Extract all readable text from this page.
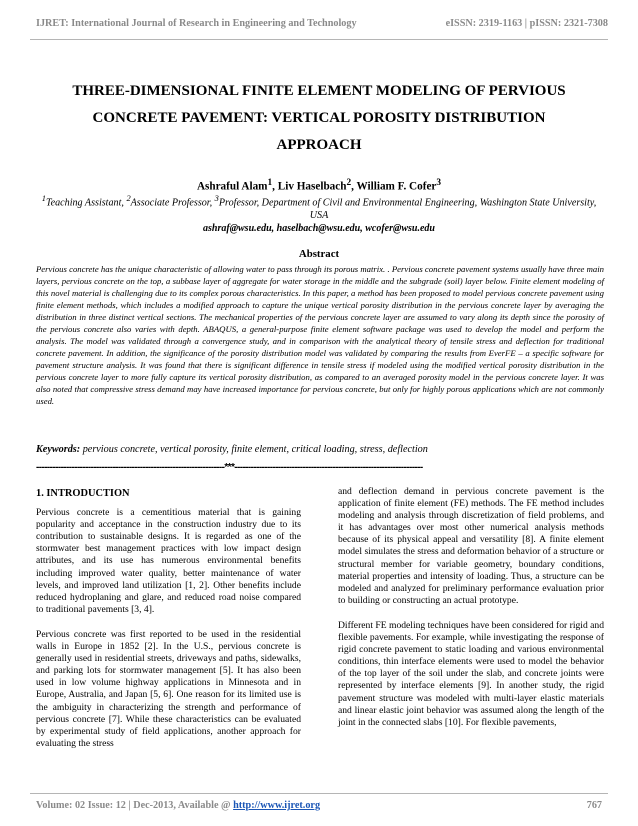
IJRET: International Journal of Research in Engineering and Technology	eISSN: 2319-1163 | pISSN: 2321-7308
THREE-DIMENSIONAL FINITE ELEMENT MODELING OF PERVIOUS
CONCRETE PAVEMENT: VERTICAL POROSITY DISTRIBUTION
APPROACH
Ashraful Alam$^1$, Liv Haselbach$^2$, William F. Cofer$^3$
$^1$Teaching Assistant, $^2$Associate Professor, $^3$Professor, Department of Civil and Environmental Engineering, Washington State University, USA
ashraf@wsu.edu, haselbach@wsu.edu, wcofer@wsu.edu
Abstract
Pervious concrete has the unique characteristic of allowing water to pass through its porous matrix. . Pervious concrete pavement systems usually have three main layers, pervious concrete on the top, a subbase layer of aggregate for water storage in the middle and the subgrade (soil) layer below. Finite element modeling of this novel material is challenging due to its complex porous characteristics. In this paper, a method has been proposed to model pervious concrete pavement using finite element methods, which includes a modified approach to capture the unique vertical porosity distribution in the pervious concrete layer by averaging the distribution in three distinct vertical sections. The mechanical properties of the pervious concrete layer are assumed to vary along its depth since the porosity of the pervious concrete also varies with depth. ABAQUS, a general-purpose finite element software package was used to develop the model and perform the analysis. The model was validated through a convergence study, and in comparison with the analytical theory of tensile stress and deflection for traditional concrete pavement. In addition, the significance of the porosity distribution model was validated by comparing the results from EverFE – a specific software for pavement structure analysis. It was found that there is significant difference in tensile stress if modeled using the modified vertical porosity distribution in the pervious concrete layer to more fully capture its vertical porosity distribution, as compared to an averaged porosity model in the pervious concrete layer. It was also noted that compressive stress demand may have increased importance for pervious concrete, but only for highly porous applications which are not commonly used.
Keywords: pervious concrete, vertical porosity, finite element, critical loading, stress, deflection
---------------------------------------------------------------------***---------------------------------------------------------------------
1. INTRODUCTION

Pervious concrete is a cementitious material that is gaining popularity and acceptance in the construction industry due to its contribution to sustainable designs. It is regarded as one of the stormwater best management practices with low impact design attributes, and its use has numerous environmental benefits including improved water quality, better maintenance of water levels, and improved land utilization [1, 2]. Other benefits include reduced hydroplaning and glare, and reduced road noise compared to traditional pavements [3, 4].

Pervious concrete was first reported to be used in the residential walls in Europe in 1852 [2]. In the U.S., pervious concrete is generally used in residential streets, driveways and paths, sidewalks, and parking lots for stormwater management [5]. It has also been used in low volume highway applications in Minnesota and in Europe, Australia, and Japan [5, 6]. One reason for its limited use is the ambiguity in characterizing the strength and performance of pervious concrete [7]. While these characteristics can be evaluated by experimental study of field applications, another approach for evaluating the stress

and deflection demand in pervious concrete pavement is the application of finite element (FE) methods. The FE method includes modeling and analysis through discretization of field problems, and it has advantages over most other numerical analysis methods because of its physical appeal and versatility [8]. A finite element model simulates the stress and deformation behavior of a structure or structural member for variable geometry, boundary conditions, material properties and intensity of loading. Thus, a structure can be modeled and analyzed for preliminary performance evaluation prior to building or constructing an actual prototype.

Different FE modeling techniques have been considered for rigid and flexible pavements. For example, while investigating the response of rigid concrete pavement to static loading and various environmental conditions, thin interface elements were used to model the behavior of the top layer of the soil under the slab, and concrete joints were represented by interface elements [9]. In another study, the rigid pavement structure was modeled with multi-layer elastic materials and linear elastic joint behavior was assumed along the length of the joint in the connected slabs [10]. For flexible pavements,

Volume: 02 Issue: 12 | Dec-2013, Available @ http://www.ijret.org	767
